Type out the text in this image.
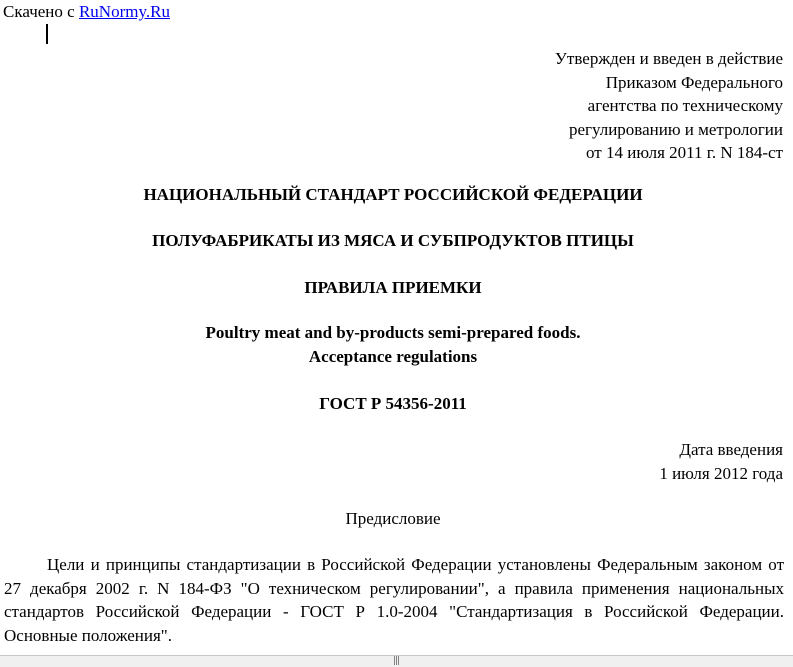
Скачено с RuNormy.Ru
Утвержден и введен в действие
Приказом Федерального
агентства по техническому
регулированию и метрологии
от 14 июля 2011 г. N 184-ст
НАЦИОНАЛЬНЫЙ СТАНДАРТ РОССИЙСКОЙ ФЕДЕРАЦИИ
ПОЛУФАБРИКАТЫ ИЗ МЯСА И СУБПРОДУКТОВ ПТИЦЫ
ПРАВИЛА ПРИЕМКИ
Poultry meat and by-products semi-prepared foods.
Acceptance regulations
ГОСТ Р 54356-2011
Дата введения
1 июля 2012 года
Предисловие
Цели и принципы стандартизации в Российской Федерации установлены Федеральным законом от 27 декабря 2002 г. N 184-ФЗ "О техническом регулировании", а правила применения национальных стандартов Российской Федерации - ГОСТ Р 1.0-2004 "Стандартизация в Российской Федерации. Основные положения".
|||
